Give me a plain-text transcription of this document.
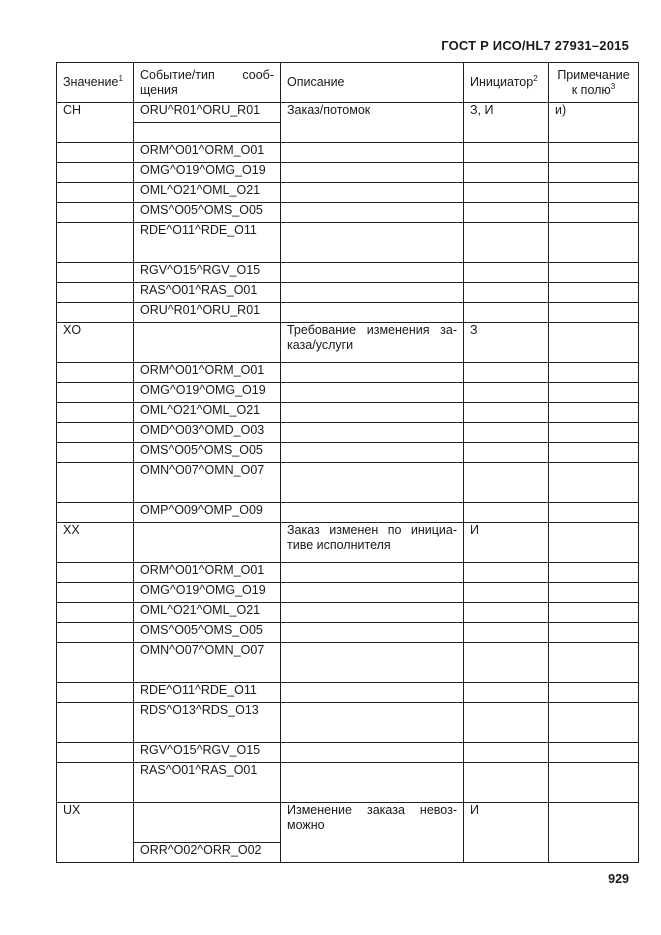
ГОСТ Р ИСО/HL7 27931–2015
Значение$^1$	Событие/тип сооб-
щения	Описание	Инициатор$^2$	Примечание
к полю$^3$

CH	ORU^R01^ORU_R01	Заказ/потомок	З, И	и)

	ORM^O01^ORM_O01			
	OMG^O19^OMG_O19			
	OML^O21^OML_O21			
	OMS^O05^OMS_O05			
	RDE^O11^RDE_O11			
	RGV^O15^RGV_O15			
	RAS^O01^RAS_O01			
	ORU^R01^ORU_R01			
XO		Требование изменения за-
каза/услуги	З	
	ORM^O01^ORM_O01			
	OMG^O19^OMG_O19			
	OML^O21^OML_O21			
	OMD^O03^OMD_O03			
	OMS^O05^OMS_O05			
	OMN^O07^OMN_O07			
	OMP^O09^OMP_O09			
XX		Заказ изменен по инициа-
тиве исполнителя	И	
	ORM^O01^ORM_O01			
	OMG^O19^OMG_O19			
	OML^O21^OML_O21			
	OMS^O05^OMS_O05			
	OMN^O07^OMN_O07			
	RDE^O11^RDE_O11			
	RDS^O13^RDS_O13			
	RGV^O15^RGV_O15			
	RAS^O01^RAS_O01			
UX		Изменение заказа невоз-
можно	И	

	ORR^O02^ORR_O02			
929
